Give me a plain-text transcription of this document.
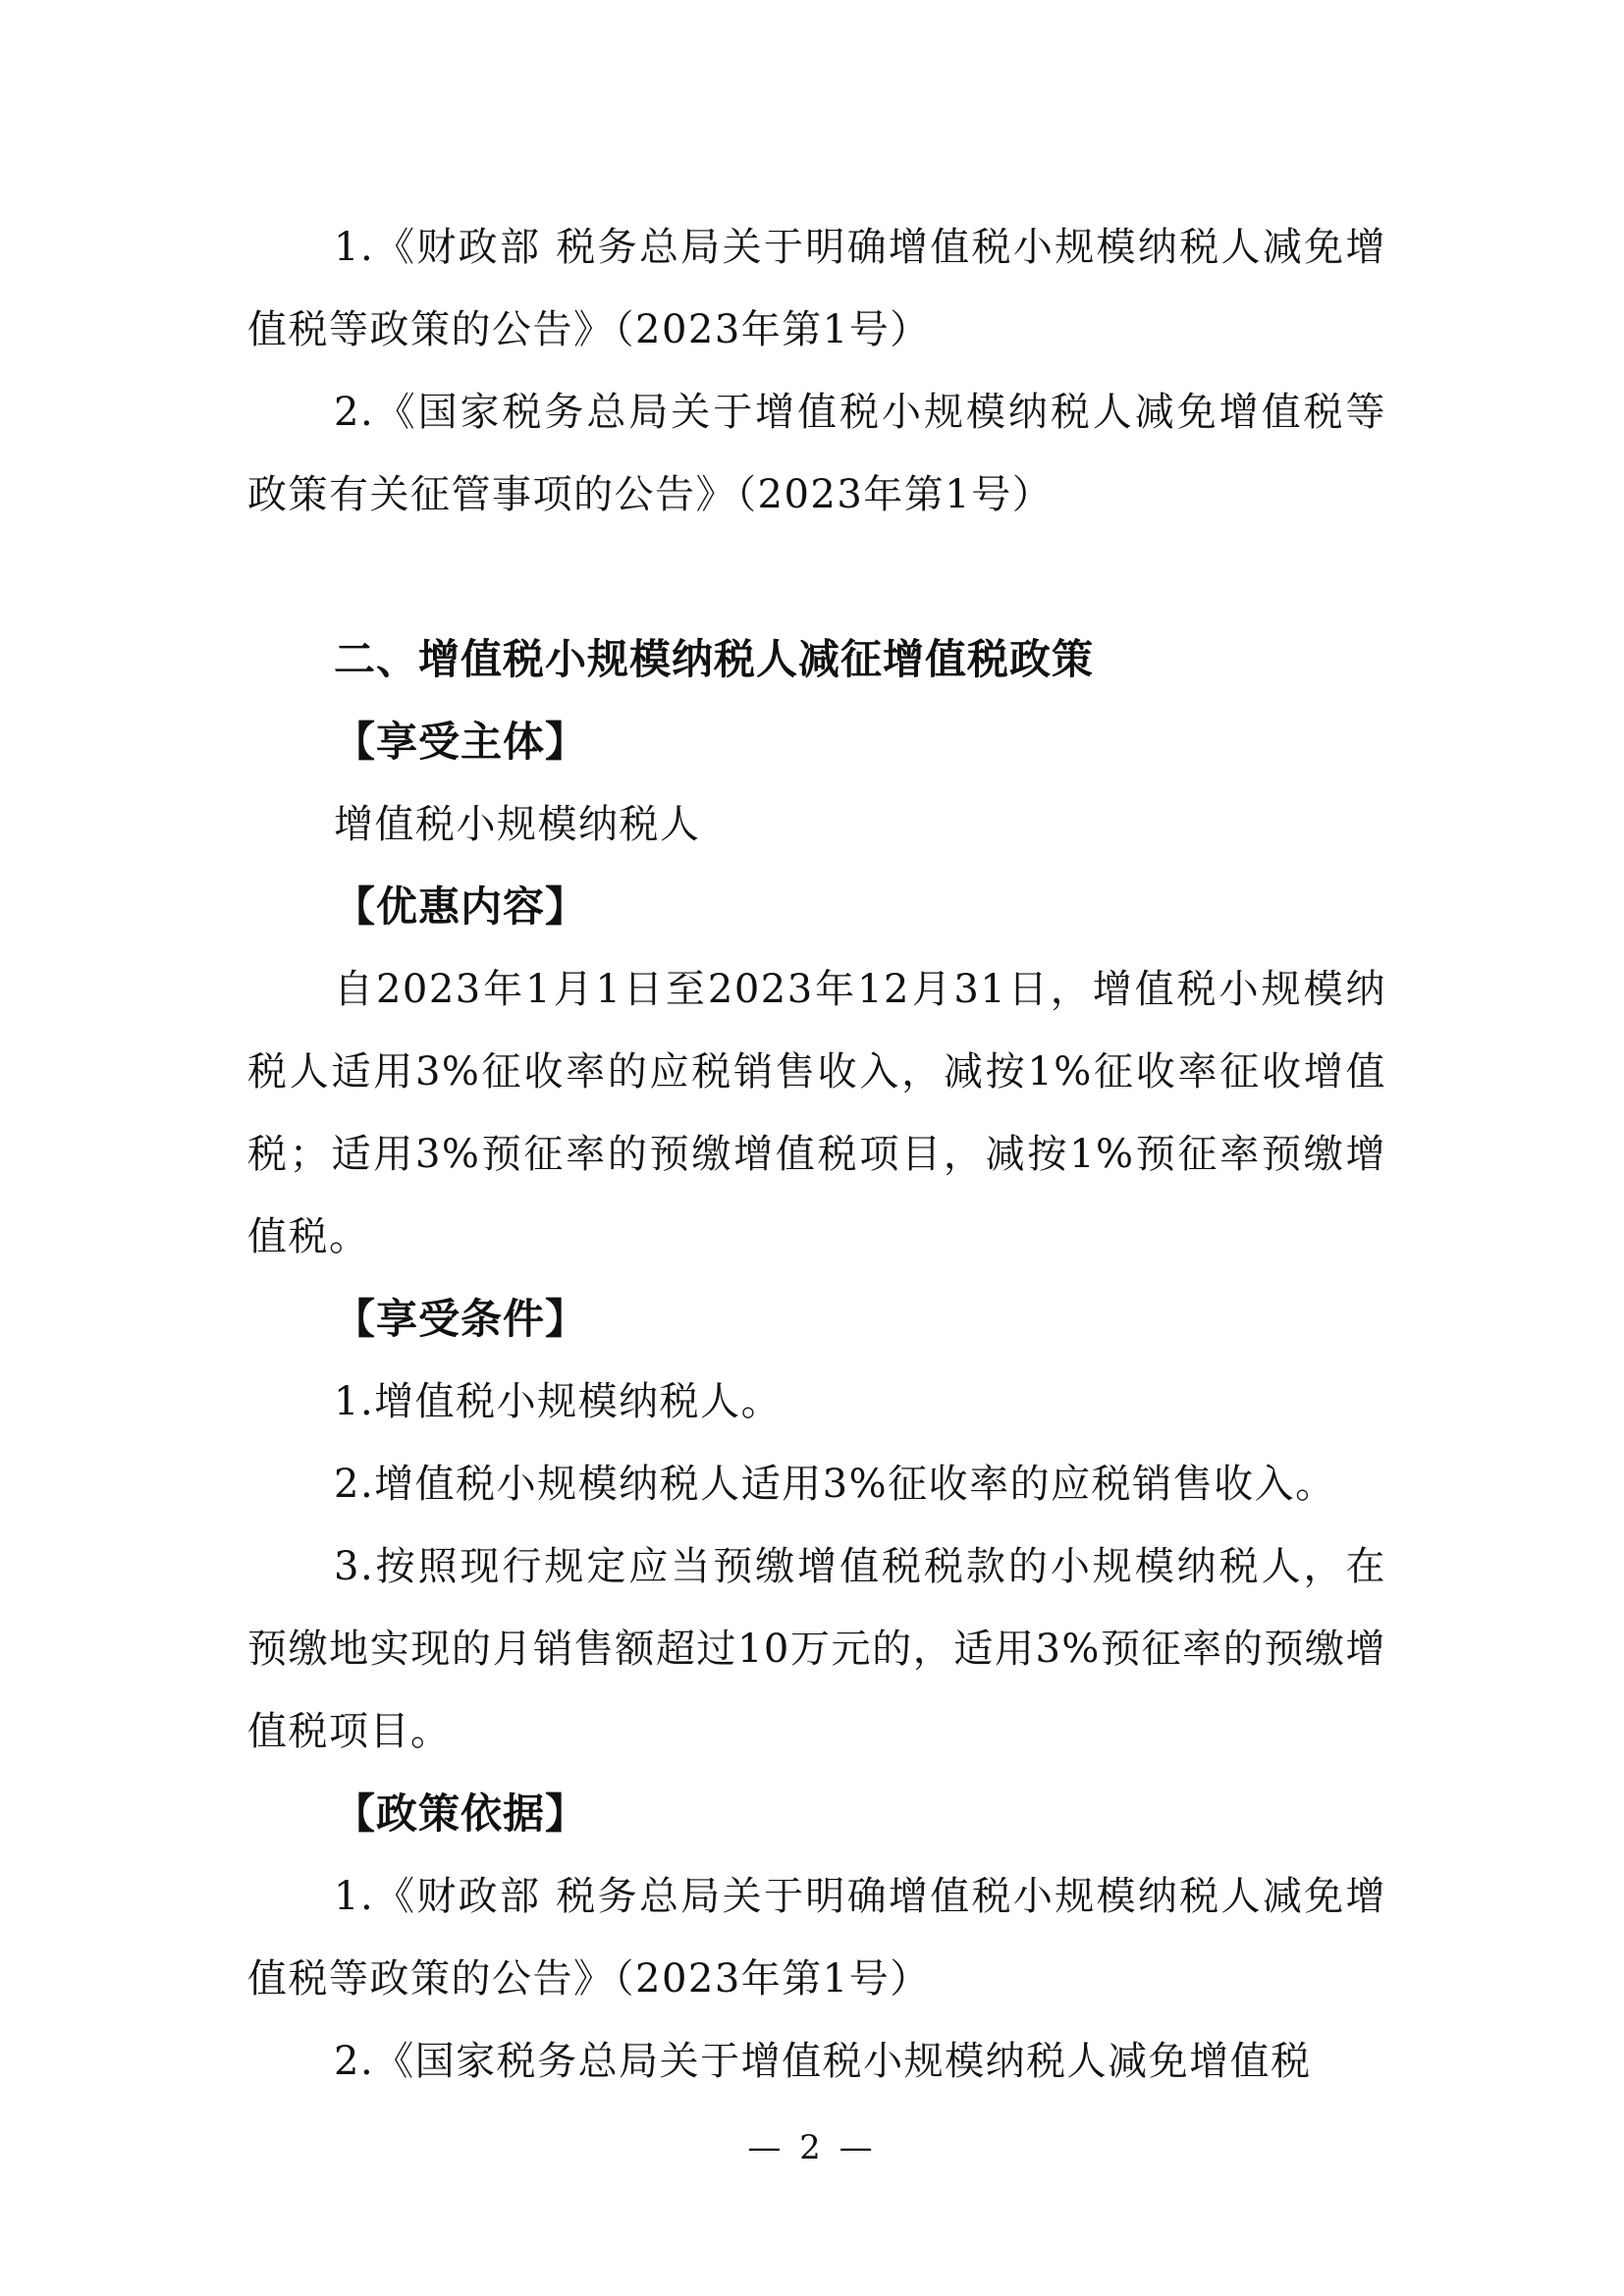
1.《财政部 税务总局关于明确增值税小规模纳税人减免增值税等政策的公告》（2023年第1号）

2.《国家税务总局关于增值税小规模纳税人减免增值税等政策有关征管事项的公告》（2023年第1号）

二、增值税小规模纳税人减征增值税政策
【享受主体】

增值税小规模纳税人

【优惠内容】

自2023年1月1日至2023年12月31日，增值税小规模纳税人适用3%征收率的应税销售收入，减按1%征收率征收增值税；适用3%预征率的预缴增值税项目，减按1%预征率预缴增值税。

【享受条件】

1.增值税小规模纳税人。

2.增值税小规模纳税人适用3%征收率的应税销售收入。

3.按照现行规定应当预缴增值税税款的小规模纳税人，在预缴地实现的月销售额超过10万元的，适用3%预征率的预缴增值税项目。

【政策依据】

1.《财政部 税务总局关于明确增值税小规模纳税人减免增值税等政策的公告》（2023年第1号）

2.《国家税务总局关于增值税小规模纳税人减免增值税

— 2 —
